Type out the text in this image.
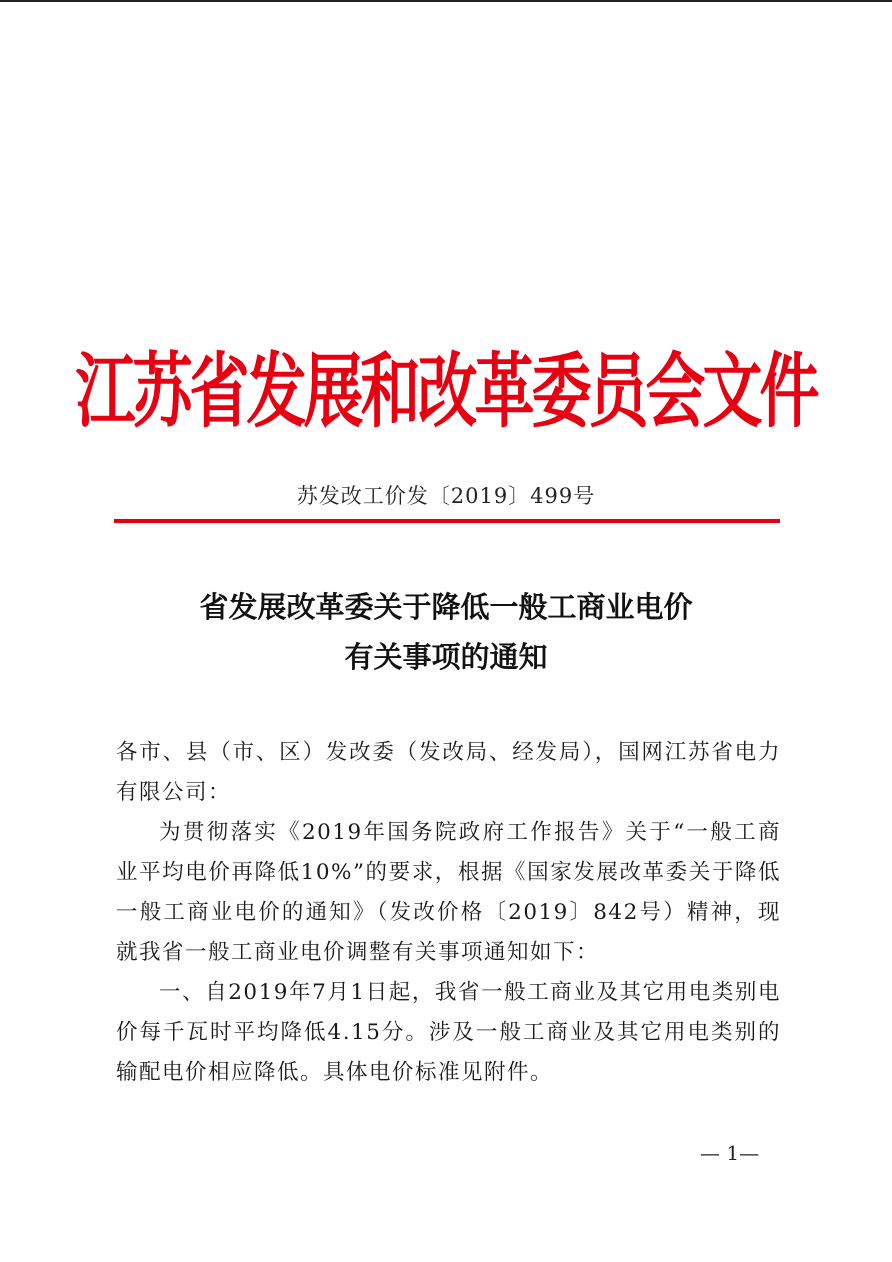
江苏省发展和改革委员会文件
苏发改工价发〔2019〕499号
省发展改革委关于降低一般工商业电价
有关事项的通知

各市、县（市、区）发改委（发改局、经发局），国网江苏省电力有限公司：

为贯彻落实《2019年国务院政府工作报告》关于“一般工商业平均电价再降低10%”的要求，根据《国家发展改革委关于降低一般工商业电价的通知》（发改价格〔2019〕842号）精神，现就我省一般工商业电价调整有关事项通知如下：

一、自2019年7月1日起，我省一般工商业及其它用电类别电价每千瓦时平均降低4.15分。涉及一般工商业及其它用电类别的输配电价相应降低。具体电价标准见附件。

— 1—
